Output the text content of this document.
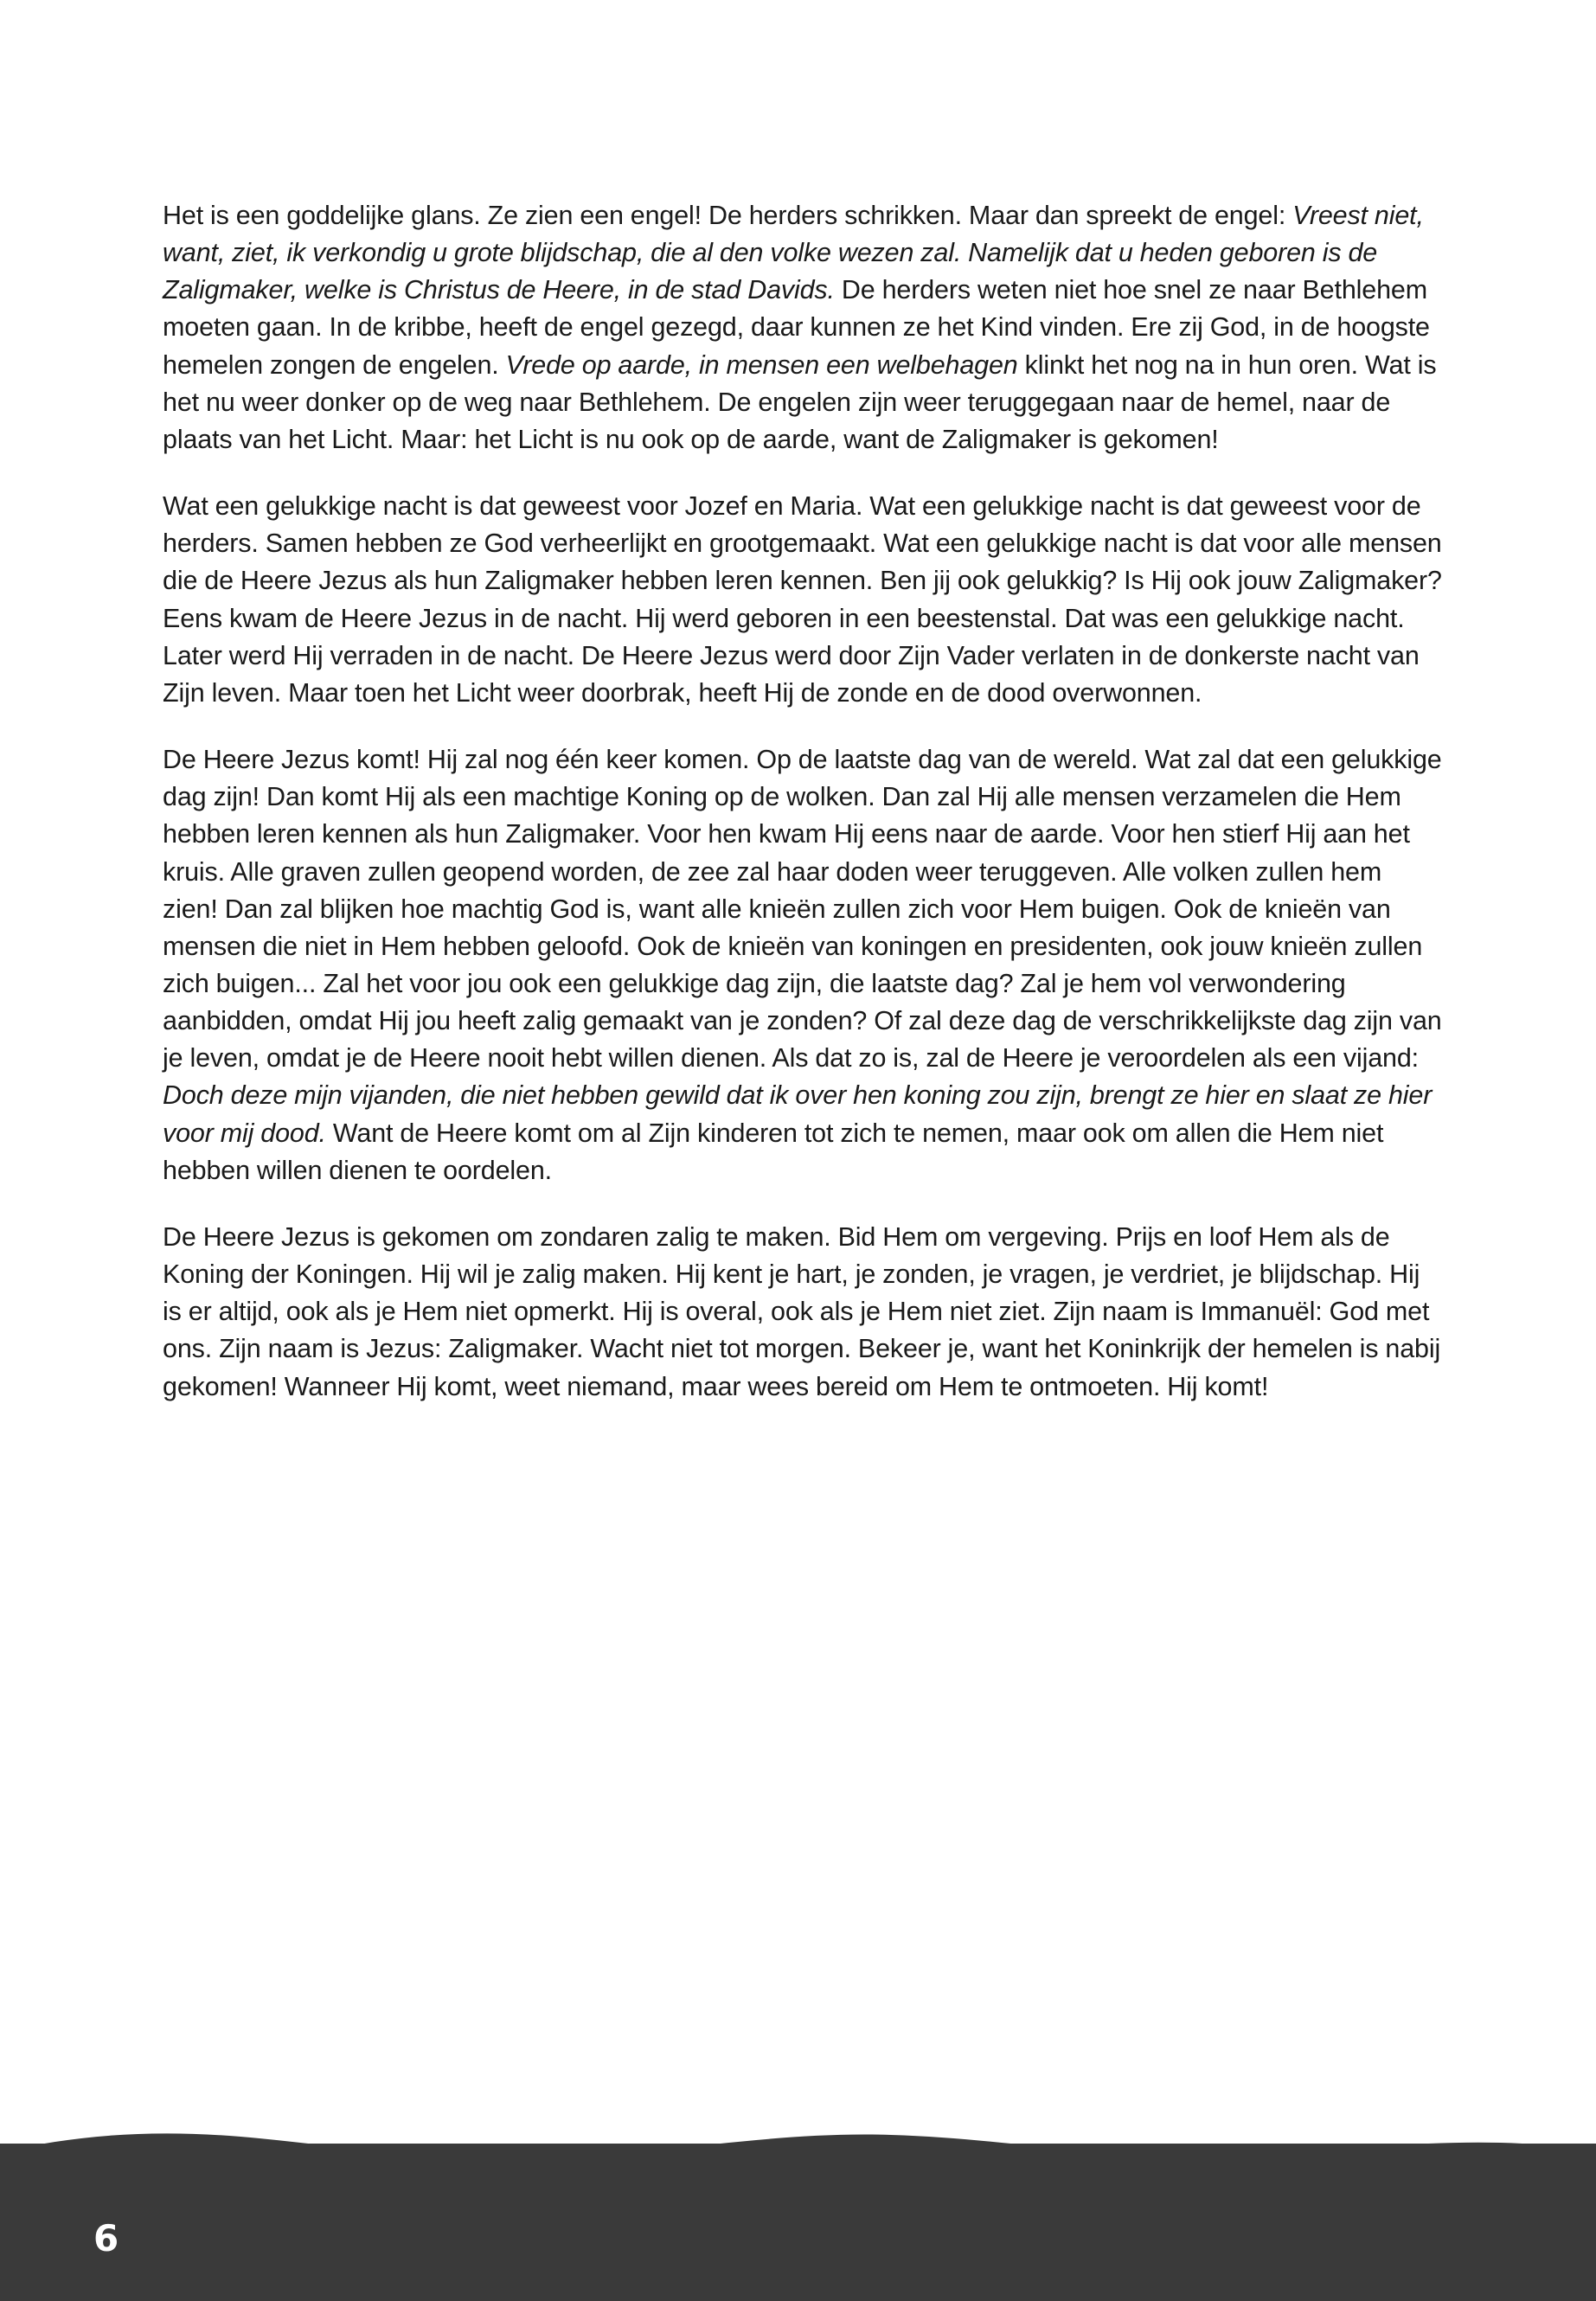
Het is een goddelijke glans. Ze zien een engel! De herders schrikken. Maar dan spreekt de engel: Vreest niet, want, ziet, ik verkondig u grote blijdschap, die al den volke wezen zal. Namelijk dat u heden geboren is de Zaligmaker, welke is Christus de Heere, in de stad Davids. De herders weten niet hoe snel ze naar Bethlehem moeten gaan. In de kribbe, heeft de engel gezegd, daar kunnen ze het Kind vinden. Ere zij God, in de hoogste hemelen zongen de engelen. Vrede op aarde, in mensen een welbehagen klinkt het nog na in hun oren. Wat is het nu weer donker op de weg naar Bethlehem. De engelen zijn weer teruggegaan naar de hemel, naar de plaats van het Licht. Maar: het Licht is nu ook op de aarde, want de Zaligmaker is gekomen!

Wat een gelukkige nacht is dat geweest voor Jozef en Maria. Wat een gelukkige nacht is dat geweest voor de herders. Samen hebben ze God verheerlijkt en grootgemaakt. Wat een gelukkige nacht is dat voor alle mensen die de Heere Jezus als hun Zaligmaker hebben leren kennen. Ben jij ook gelukkig? Is Hij ook jouw Zaligmaker? Eens kwam de Heere Jezus in de nacht. Hij werd geboren in een beestenstal. Dat was een gelukkige nacht. Later werd Hij verraden in de nacht. De Heere Jezus werd door Zijn Vader verlaten in de donkerste nacht van Zijn leven. Maar toen het Licht weer doorbrak, heeft Hij de zonde en de dood overwonnen.

De Heere Jezus komt! Hij zal nog één keer komen. Op de laatste dag van de wereld. Wat zal dat een gelukkige dag zijn! Dan komt Hij als een machtige Koning op de wolken. Dan zal Hij alle mensen verzamelen die Hem hebben leren kennen als hun Zaligmaker. Voor hen kwam Hij eens naar de aarde. Voor hen stierf Hij aan het kruis. Alle graven zullen geopend worden, de zee zal haar doden weer teruggeven. Alle volken zullen hem zien! Dan zal blijken hoe machtig God is, want alle knieën zullen zich voor Hem buigen. Ook de knieën van mensen die niet in Hem hebben geloofd. Ook de knieën van koningen en presidenten, ook jouw knieën zullen zich buigen... Zal het voor jou ook een gelukkige dag zijn, die laatste dag? Zal je hem vol verwondering aanbidden, omdat Hij jou heeft zalig gemaakt van je zonden? Of zal deze dag de verschrikkelijkste dag zijn van je leven, omdat je de Heere nooit hebt willen dienen. Als dat zo is, zal de Heere je veroordelen als een vijand: Doch deze mijn vijanden, die niet hebben gewild dat ik over hen koning zou zijn, brengt ze hier en slaat ze hier voor mij dood. Want de Heere komt om al Zijn kinderen tot zich te nemen, maar ook om allen die Hem niet hebben willen dienen te oordelen.

De Heere Jezus is gekomen om zondaren zalig te maken. Bid Hem om vergeving. Prijs en loof Hem als de Koning der Koningen. Hij wil je zalig maken. Hij kent je hart, je zonden, je vragen, je verdriet, je blijdschap. Hij is er altijd, ook als je Hem niet opmerkt. Hij is overal, ook als je Hem niet ziet. Zijn naam is Immanuël: God met ons. Zijn naam is Jezus: Zaligmaker. Wacht niet tot morgen. Bekeer je, want het Koninkrijk der hemelen is nabij gekomen! Wanneer Hij komt, weet niemand, maar wees bereid om Hem te ontmoeten. Hij komt!

6
